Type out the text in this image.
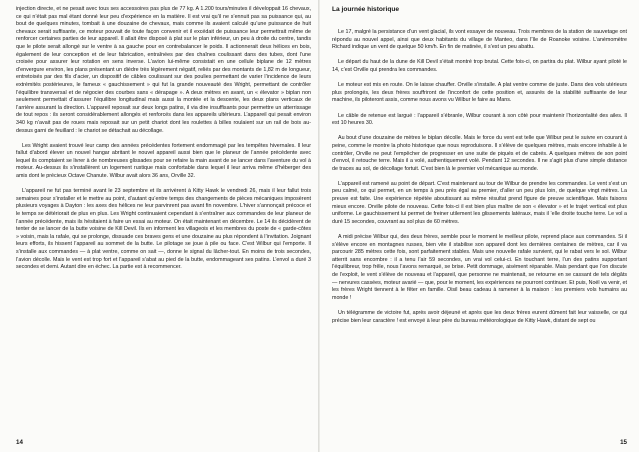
injection directe, et ne pesait avec tous ses accessoires pas plus de 77 kg. A 1.200 tours/minutes il développait 16 chevaux, ce qui n’était pas mal étant donné leur peu d’expérience en la matière. Il est vrai qu’il ne s’ennuit pas sa puissance qui, au bout de quelques minutes, tombait à une douzaine de chevaux, mais comme ils avaient calculé qu’une puissance de huit chevaux serait suffisante, ce moteur pouvait de toute façon convenir et il excédait de puissance leur permettrait même de renforcer certaines parties de leur appareil. Il allait être disposé à plat sur le plan inférieur, un peu à droite du centre, tandis que le pilote serait allongé sur le ventre à sa gauche pour en contrebalancer le poids. Il actionnerait deux hélices en bois, également de leur conception et de leur fabrication, entraînées par des chaînes coulissant dans des tubes, dont l’une croisée pour assurer leur rotation en sens inverse. L’avion lui-même consistait en une cellule biplane de 12 mètres d’envergure environ, les plans présentant un dièdre très légèrement négatif, reliés par des montants de 1,82 m de longueur, entretoisés par des fils d’acier, un dispositif de câbles coulissant sur des poulies permettant de varier l’incidence de leurs extrémités postérieures, le fameux « gauchissement » qui fut la grande nouveauté des Wright, permettant de contrôler l’équilibre transversal et de négocier des courbes sans « dérapage ». A deux mètres en avant, un « élevator » biplan non seulement permettait d’assurer l’équilibre longitudinal mais aussi la montée et la descente, les deux plans verticaux de l’arrière assurant la direction. L’appareil reposait sur deux longs patins, il via dire insuffisants pour permettre un atterrissage de tout repos : ils seront considérablement allongés et renforcés dans les appareils ultérieurs. L’appareil qui pesait environ 340 kg n’avait pas de roues mais reposait sur un petit chariot dont les roulettes à billes roulaient sur un rail de bois au-dessus garni de feuillard : le chariot se détachait au décollage.

Les Wright avaient trouvé leur camp des années précédentes fortement endommagé par les tempêtes hivernales. Il leur fallut d’abord élever un nouvel hangar abritant le nouvel appareil aussi bien que le planeur de l’année précédente avec lequel ils comptaient se livrer à de nombreuses glissades pour se refaire la main avant de se lancer dans l’aventure du vol à moteur. Au-dessus ils s’installèrent un logement rustique mais confortable dans lequel il leur arriva même d’héberger des amis dont le précieux Octave Chanute. Wilbur avait alors 36 ans, Orville 32.

L’appareil ne fut pas terminé avant le 23 septembre et ils arrivèrent à Kitty Hawk le vendredi 26, mais il leur fallut trois semaines pour s’installer et le mettre au point, d’autant qu’entre temps des changements de pièces mécaniques imposèrent plusieurs voyages à Dayton : les axes des hélices ne leur parvinrent pas avant fin novembre. L’hiver s’annonçait précoce et le temps se détériorait de plus en plus. Les Wright continuaient cependant à s’entraîner aux commandes de leur planeur de l’année précédente, mais ils hésitaient à faire un essai au moteur. On était maintenant en décembre. Le 14 ils décidèrent de tenter de se lancer de la butte voisine de Kill Devil. Ils en informent les villageois et les membres du poste de « garde-côtes » voisin, mais la rafale, qui se prolonge, dissuade ces braves gens et une douzaine au plus répondent à l’invitation. Joignant leurs efforts, ils hissent l’appareil au sommet de la butte. Le pilotage se joue à pile ou face. C’est Wilbur qui l’emporte. Il s’installe aux commandes — à plat ventre, comme on sait —, donne le signal du lâcher-tout. En moins de trois secondes, l’avion décolle. Mais le vent est trop fort et l’appareil s’abat au pied de la butte, endommageant ses patins. L’envol a duré 3 secondes et demi. Autant dire en échec. La partie est à recommencer.

14
La journée historique

Le 17, malgré la persistance d’un vent glacial, ils vont essayer de nouveau. Trois membres de la station de sauvetage ont répondu au nouvel appel, ainsi que deux habitants du village de Manteo, dans l’île de Roanoke voisine. L’anémomètre Richard indique un vent de quelque 50 km/h. En fin de matinée, il s’est un peu abattu.

Le départ du haut de la dune de Kill Devil s’était montré trop brutal. Cette fois-ci, on partira du plat. Wilbur ayant piloté le 14, c’est Orville qui prendra les commandes.

Le moteur est mis en route. On le laisse chauffer. Orville s’installe. A plat ventre comme de juste. Dans des vols utérieurs plus prolongés, les deux frères souffriront de l’inconfort de cette position et, assurés de la stabilité suffisante de leur machine, ils piloteront assis, comme nous avons vu Wilbur le faire au Mans.

Le câble de retenue est largué : l’appareil s’ébranle, Wilbur courant à son côté pour maintenir l’horizontalité des ailes. Il est 10 heures 30.

Au bout d’une douzaine de mètres le biplan décolle. Mais le force du vent est telle que Wilbur peut le suivre en courant à peine, comme le montre la photo historique que nous reproduisons. Il s’élève de quelques mètres, mais encore inhabile à le contrôler, Orville ne peut l’empêcher de progresser en une suite de piqués et de cabrés. A quelques mètres de son point d’envol, il retouche terre. Mais il a volé, authentiquement volé. Pendant 12 secondes. Il ne s’agit plus d’une simple distance de traces au sol, de décollage fortuit. C’est bien là le premier vol mécanique au monde.

L’appareil est ramené au point de départ. C’est maintenant au tour de Wilbur de prendre les commandes. Le vent s’est un peu calmé, ce qui permet, en un temps à peu près égal au premier, d’aller un peu plus loin, de quelque vingt mètres. La preuve est faite. Une expérience répétée aboutissant au même résultat prend figure de preuve scientifique. Mais faisons mieux encore. Orville pilote de nouveau. Cette fois-ci il est bien plus maître de son « élevator » et le trajet vertical est plus uniforme. Le gauchissement lui permet de freiner utilement les glissements latéraux, mais il ‘elle droite touche terre. Le vol a duré 15 secondes, couvrant au sol plus de 60 mètres.

A midi précise Wilbur qui, des deux frères, semble pour le moment le meilleur pilote, reprend place aux commandes. Si il s’élève encore en montagnes russes, bien vite il stabilise son appareil dont les dernières centaines de mètres, car il va parcourir 285 mètres cette fois, sont parfaitement stables. Mais une nouvelle rafale survient, qui le rabat vers le sol. Wilbur atterrit sans encombre : il a tenu l’air 59 secondes, un vrai vol celui-ci. En touchant terre, l’un des patins supportant l’équilibreur, trop frêle, nous l’avons remarqué, se brise. Petit dommage, aisément réparable. Mais pendant que l’on discute de l’exploit, le vent s’élève de nouveau et l’appareil, que personne ne maintenait, se retourne en se cassant de tels dégâts — nervures cassées, moteur avarié — que, pour le moment, les expériences ne pourront continuer. Et puis, Noël va venir, et les frères Wright tiennent à le fêter en famille. Oisil beau cadeau à ramener à la maison : les premiers vols humains au monde !

Un télégramme de victoire fut, après avoir déjeuné et après que les deux frères eurent dûment fait leur vaisselle, ce qui précise bien leur caractère ! est envoyé à leur père du bureau météorologique de Kitty Hawk, distant de sept ou

15
